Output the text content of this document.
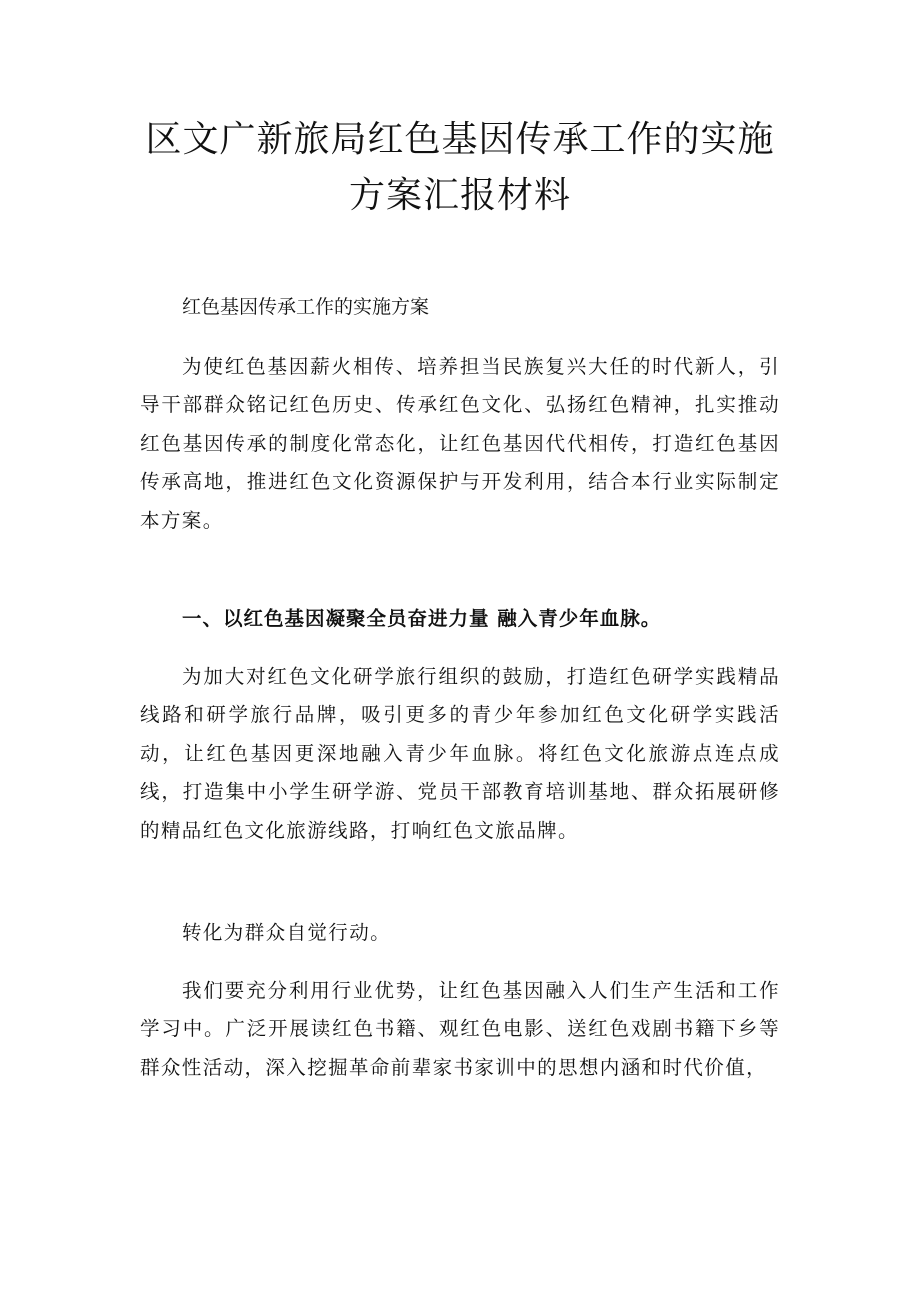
区文广新旅局红色基因传承工作的实施方案汇报材料

红色基因传承工作的实施方案

为使红色基因薪火相传、培养担当民族复兴大任的时代新人，引导干部群众铭记红色历史、传承红色文化、弘扬红色精神，扎实推动红色基因传承的制度化常态化，让红色基因代代相传，打造红色基因传承高地，推进红色文化资源保护与开发利用，结合本行业实际制定本方案。

一、以红色基因凝聚全员奋进力量 融入青少年血脉。

为加大对红色文化研学旅行组织的鼓励，打造红色研学实践精品线路和研学旅行品牌，吸引更多的青少年参加红色文化研学实践活动，让红色基因更深地融入青少年血脉。将红色文化旅游点连点成线，打造集中小学生研学游、党员干部教育培训基地、群众拓展研修的精品红色文化旅游线路，打响红色文旅品牌。

转化为群众自觉行动。

我们要充分利用行业优势，让红色基因融入人们生产生活和工作学习中。广泛开展读红色书籍、观红色电影、送红色戏剧书籍下乡等群众性活动，深入挖掘革命前辈家书家训中的思想内涵和时代价值，
